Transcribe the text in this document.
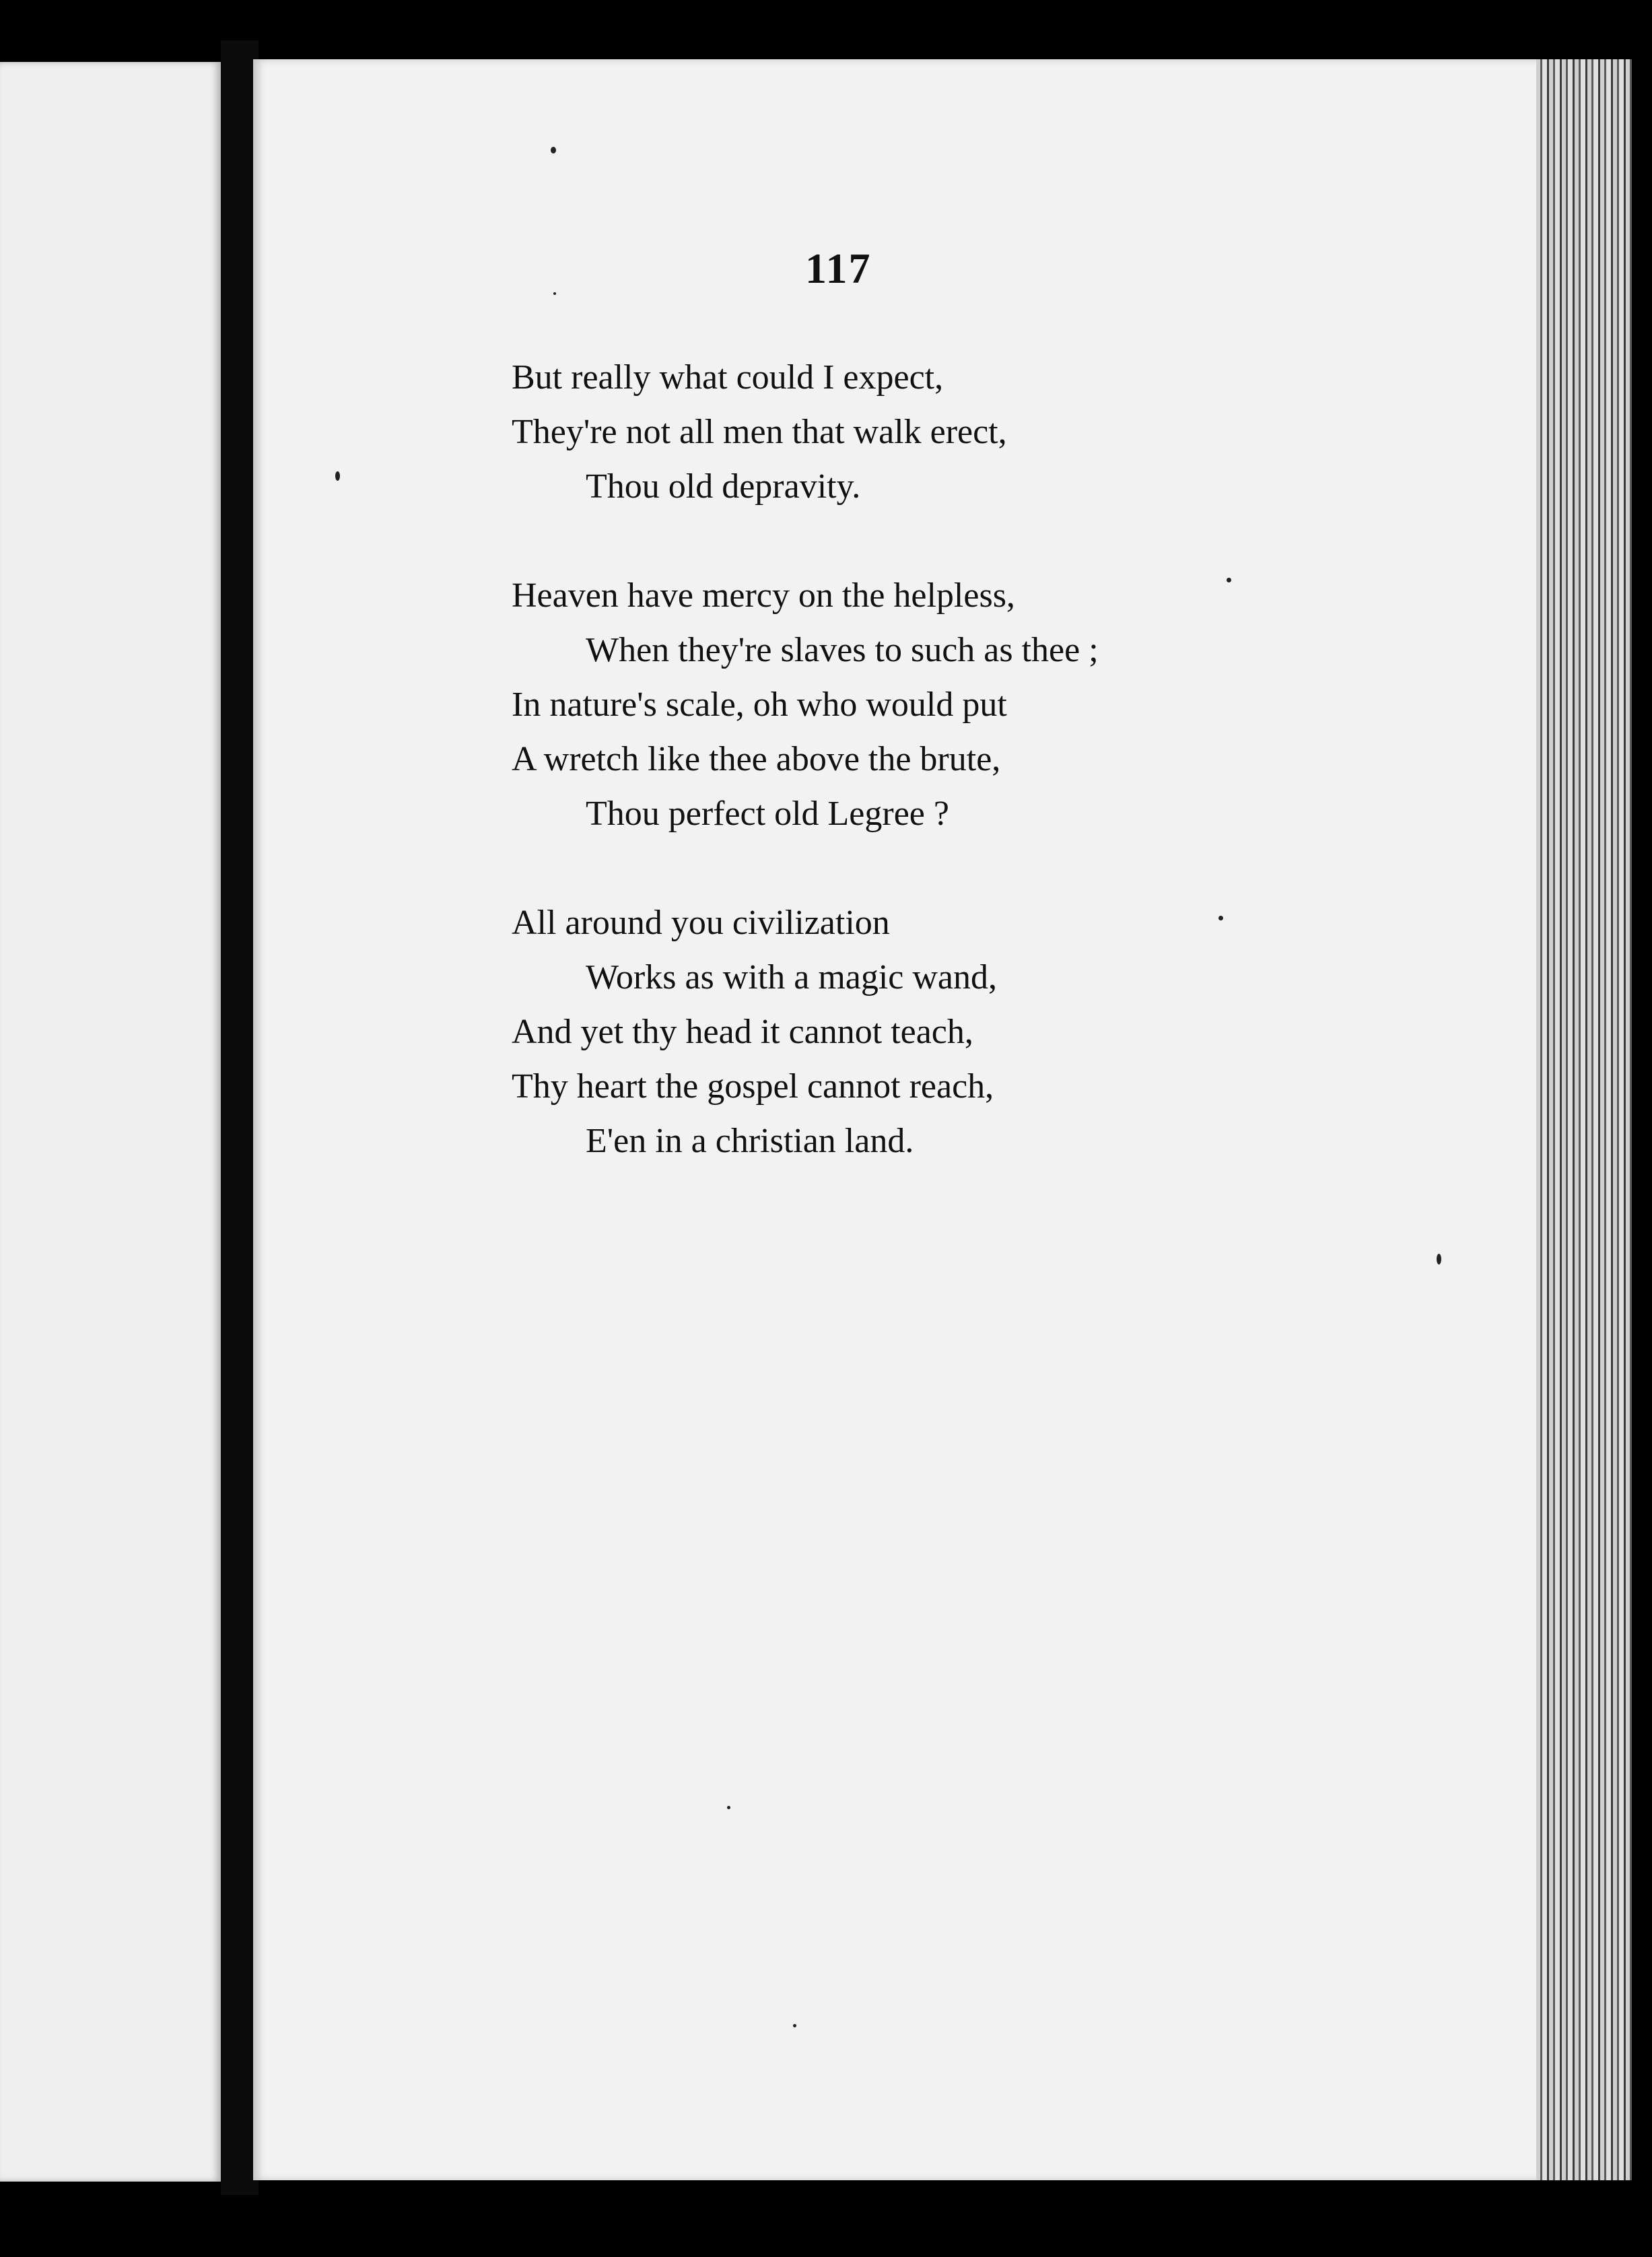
117
But really what could I expect,
They're not all men that walk erect,
Thou old depravity.
Heaven have mercy on the helpless,
When they're slaves to such as thee ;
In nature's scale, oh who would put
A wretch like thee above the brute,
Thou perfect old Legree ?
All around you civilization
Works as with a magic wand,
And yet thy head it cannot teach,
Thy heart the gospel cannot reach,
E'en in a christian land.
